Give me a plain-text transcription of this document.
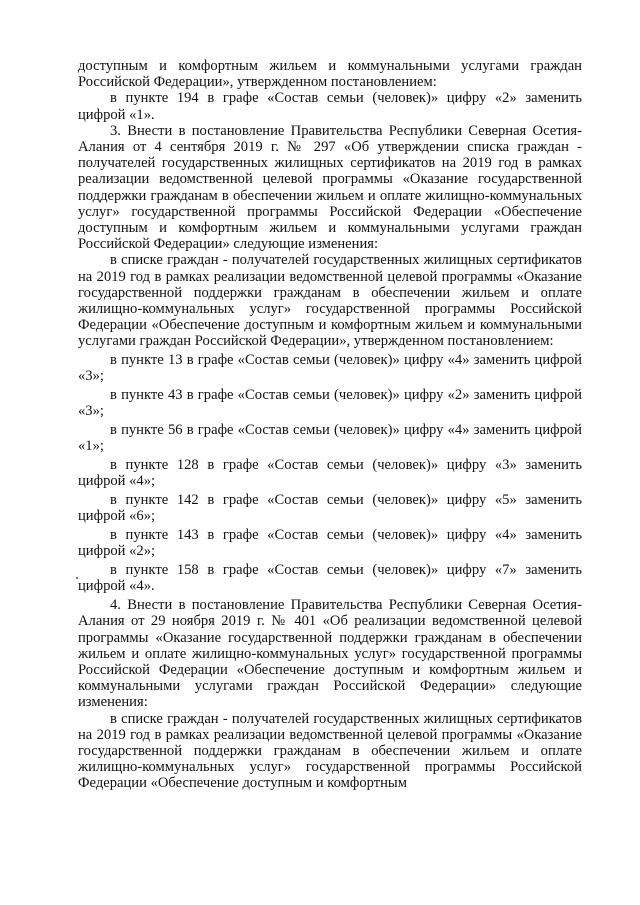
доступным и комфортным жильем и коммунальными услугами граждан Российской Федерации», утвержденном постановлением:

в пункте 194 в графе «Состав семьи (человек)» цифру «2» заменить цифрой «1».

3. Внести в постановление Правительства Республики Северная Осетия-Алания от 4 сентября 2019 г. № 297 «Об утверждении списка граждан - получателей государственных жилищных сертификатов на 2019 год в рамках реализации ведомственной целевой программы «Оказание государственной поддержки гражданам в обеспечении жильем и оплате жилищно-коммунальных услуг» государственной программы Российской Федерации «Обеспечение доступным и комфортным жильем и коммунальными услугами граждан Российской Федерации» следующие изменения:

в списке граждан - получателей государственных жилищных сертификатов на 2019 год в рамках реализации ведомственной целевой программы «Оказание государственной поддержки гражданам в обеспечении жильем и оплате жилищно-коммунальных услуг» государственной программы Российской Федерации «Обеспечение доступным и комфортным жильем и коммунальными услугами граждан Российской Федерации», утвержденном постановлением:

в пункте 13 в графе «Состав семьи (человек)» цифру «4» заменить цифрой «3»;

в пункте 43 в графе «Состав семьи (человек)» цифру «2» заменить цифрой «3»;

в пункте 56 в графе «Состав семьи (человек)» цифру «4» заменить цифрой «1»;

в пункте 128 в графе «Состав семьи (человек)» цифру «3» заменить цифрой «4»;

в пункте 142 в графе «Состав семьи (человек)» цифру «5» заменить цифрой «6»;

в пункте 143 в графе «Состав семьи (человек)» цифру «4» заменить цифрой «2»;

в пункте 158 в графе «Состав семьи (человек)» цифру «7» заменить цифрой «4».

4. Внести в постановление Правительства Республики Северная Осетия-Алания от 29 ноября 2019 г. № 401 «Об реализации ведомственной целевой программы «Оказание государственной поддержки гражданам в обеспечении жильем и оплате жилищно-коммунальных услуг» государственной программы Российской Федерации «Обеспечение доступным и комфортным жильем и коммунальными услугами граждан Российской Федерации» следующие изменения:

в списке граждан - получателей государственных жилищных сертификатов на 2019 год в рамках реализации ведомственной целевой программы «Оказание государственной поддержки гражданам в обеспечении жильем и оплате жилищно-коммунальных услуг» государственной программы Российской Федерации «Обеспечение доступным и комфортным
